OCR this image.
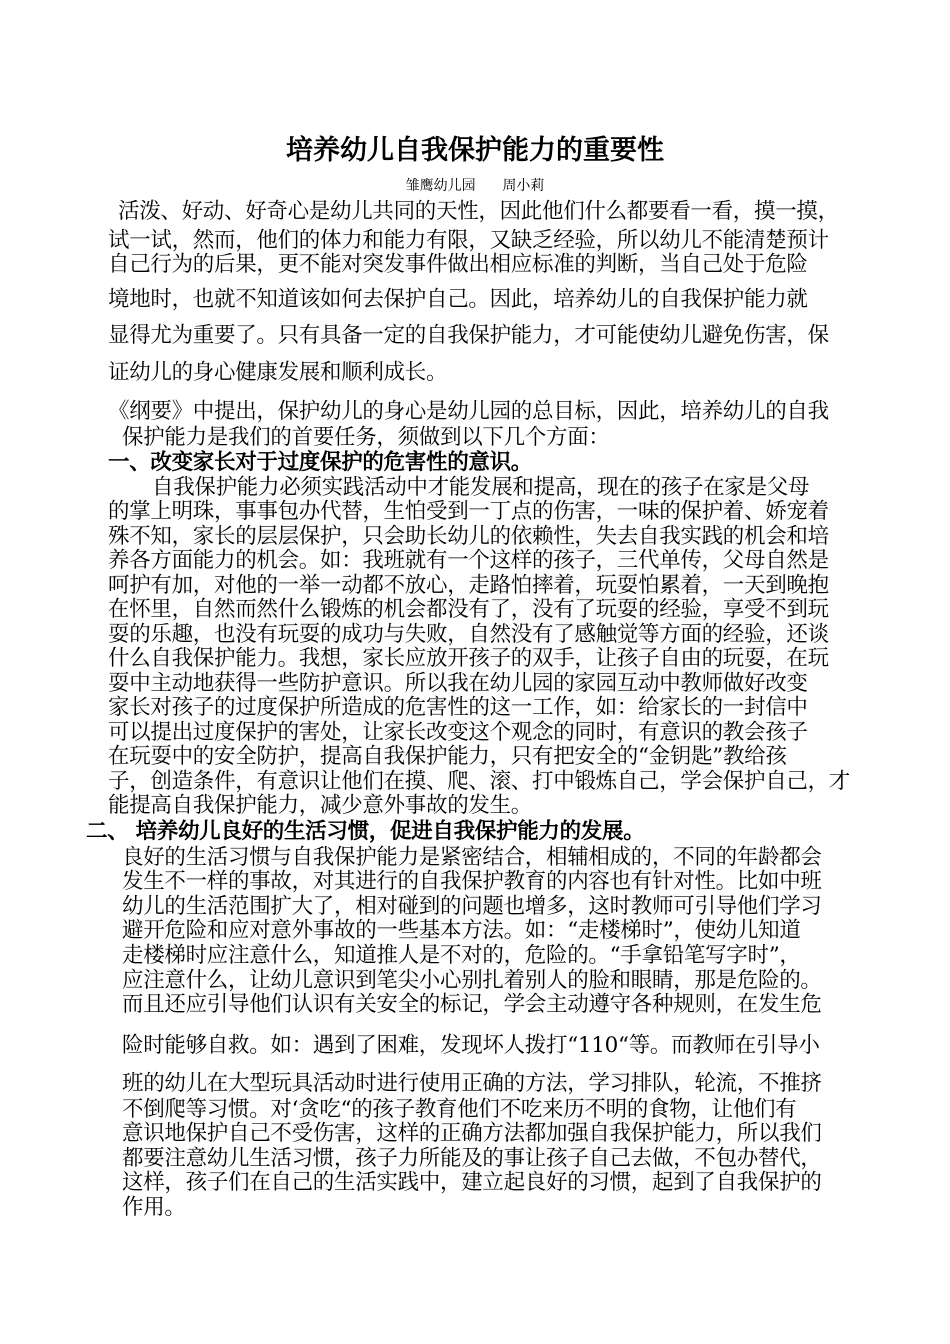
培养幼儿自我保护能力的重要性
雏鹰幼儿园      周小莉
活泼、好动、好奇心是幼儿共同的天性，因此他们什么都要看一看，摸一摸，
试一试，然而，他们的体力和能力有限，又缺乏经验，所以幼儿不能清楚预计
自己行为的后果，更不能对突发事件做出相应标准的判断，当自己处于危险
境地时，也就不知道该如何去保护自己。因此，培养幼儿的自我保护能力就
显得尤为重要了。只有具备一定的自我保护能力，才可能使幼儿避免伤害，保
证幼儿的身心健康发展和顺利成长。
《纲要》中提出，保护幼儿的身心是幼儿园的总目标，因此，培养幼儿的自我
保护能力是我们的首要任务，须做到以下几个方面：
一、改变家长对于过度保护的危害性的意识。
自我保护能力必须实践活动中才能发展和提高，现在的孩子在家是父母
的掌上明珠，事事包办代替，生怕受到一丁点的伤害，一味的保护着、娇宠着
殊不知，家长的层层保护，只会助长幼儿的依赖性，失去自我实践的机会和培
养各方面能力的机会。如：我班就有一个这样的孩子，三代单传，父母自然是
呵护有加，对他的一举一动都不放心，走路怕摔着，玩耍怕累着，一天到晚抱
在怀里，自然而然什么锻炼的机会都没有了，没有了玩耍的经验，享受不到玩
耍的乐趣，也没有玩耍的成功与失败，自然没有了感触觉等方面的经验，还谈
什么自我保护能力。我想，家长应放开孩子的双手，让孩子自由的玩耍，在玩
耍中主动地获得一些防护意识。所以我在幼儿园的家园互动中教师做好改变
家长对孩子的过度保护所造成的危害性的这一工作，如：给家长的一封信中
可以提出过度保护的害处，让家长改变这个观念的同时，有意识的教会孩子
在玩耍中的安全防护，提高自我保护能力，只有把安全的“金钥匙”教给孩
子，创造条件，有意识让他们在摸、爬、滚、打中锻炼自己，学会保护自己，才
能提高自我保护能力，减少意外事故的发生。
二、 培养幼儿良好的生活习惯，促进自我保护能力的发展。
良好的生活习惯与自我保护能力是紧密结合，相辅相成的，不同的年龄都会
发生不一样的事故，对其进行的自我保护教育的内容也有针对性。比如中班
幼儿的生活范围扩大了，相对碰到的问题也增多，这时教师可引导他们学习
避开危险和应对意外事故的一些基本方法。如：“走楼梯时”，使幼儿知道
走楼梯时应注意什么，知道推人是不对的，危险的。“手拿铅笔写字时”，
应注意什么，让幼儿意识到笔尖小心别扎着别人的脸和眼睛，那是危险的。
而且还应引导他们认识有关安全的标记，学会主动遵守各种规则，在发生危
险时能够自救。如：遇到了困难，发现坏人拨打“110“等。而教师在引导小
班的幼儿在大型玩具活动时进行使用正确的方法，学习排队，轮流，不推挤
不倒爬等习惯。对‘贪吃“的孩子教育他们不吃来历不明的食物，让他们有
意识地保护自己不受伤害，这样的正确方法都加强自我保护能力，所以我们
都要注意幼儿生活习惯，孩子力所能及的事让孩子自己去做，不包办替代，
这样，孩子们在自己的生活实践中，建立起良好的习惯，起到了自我保护的
作用。
